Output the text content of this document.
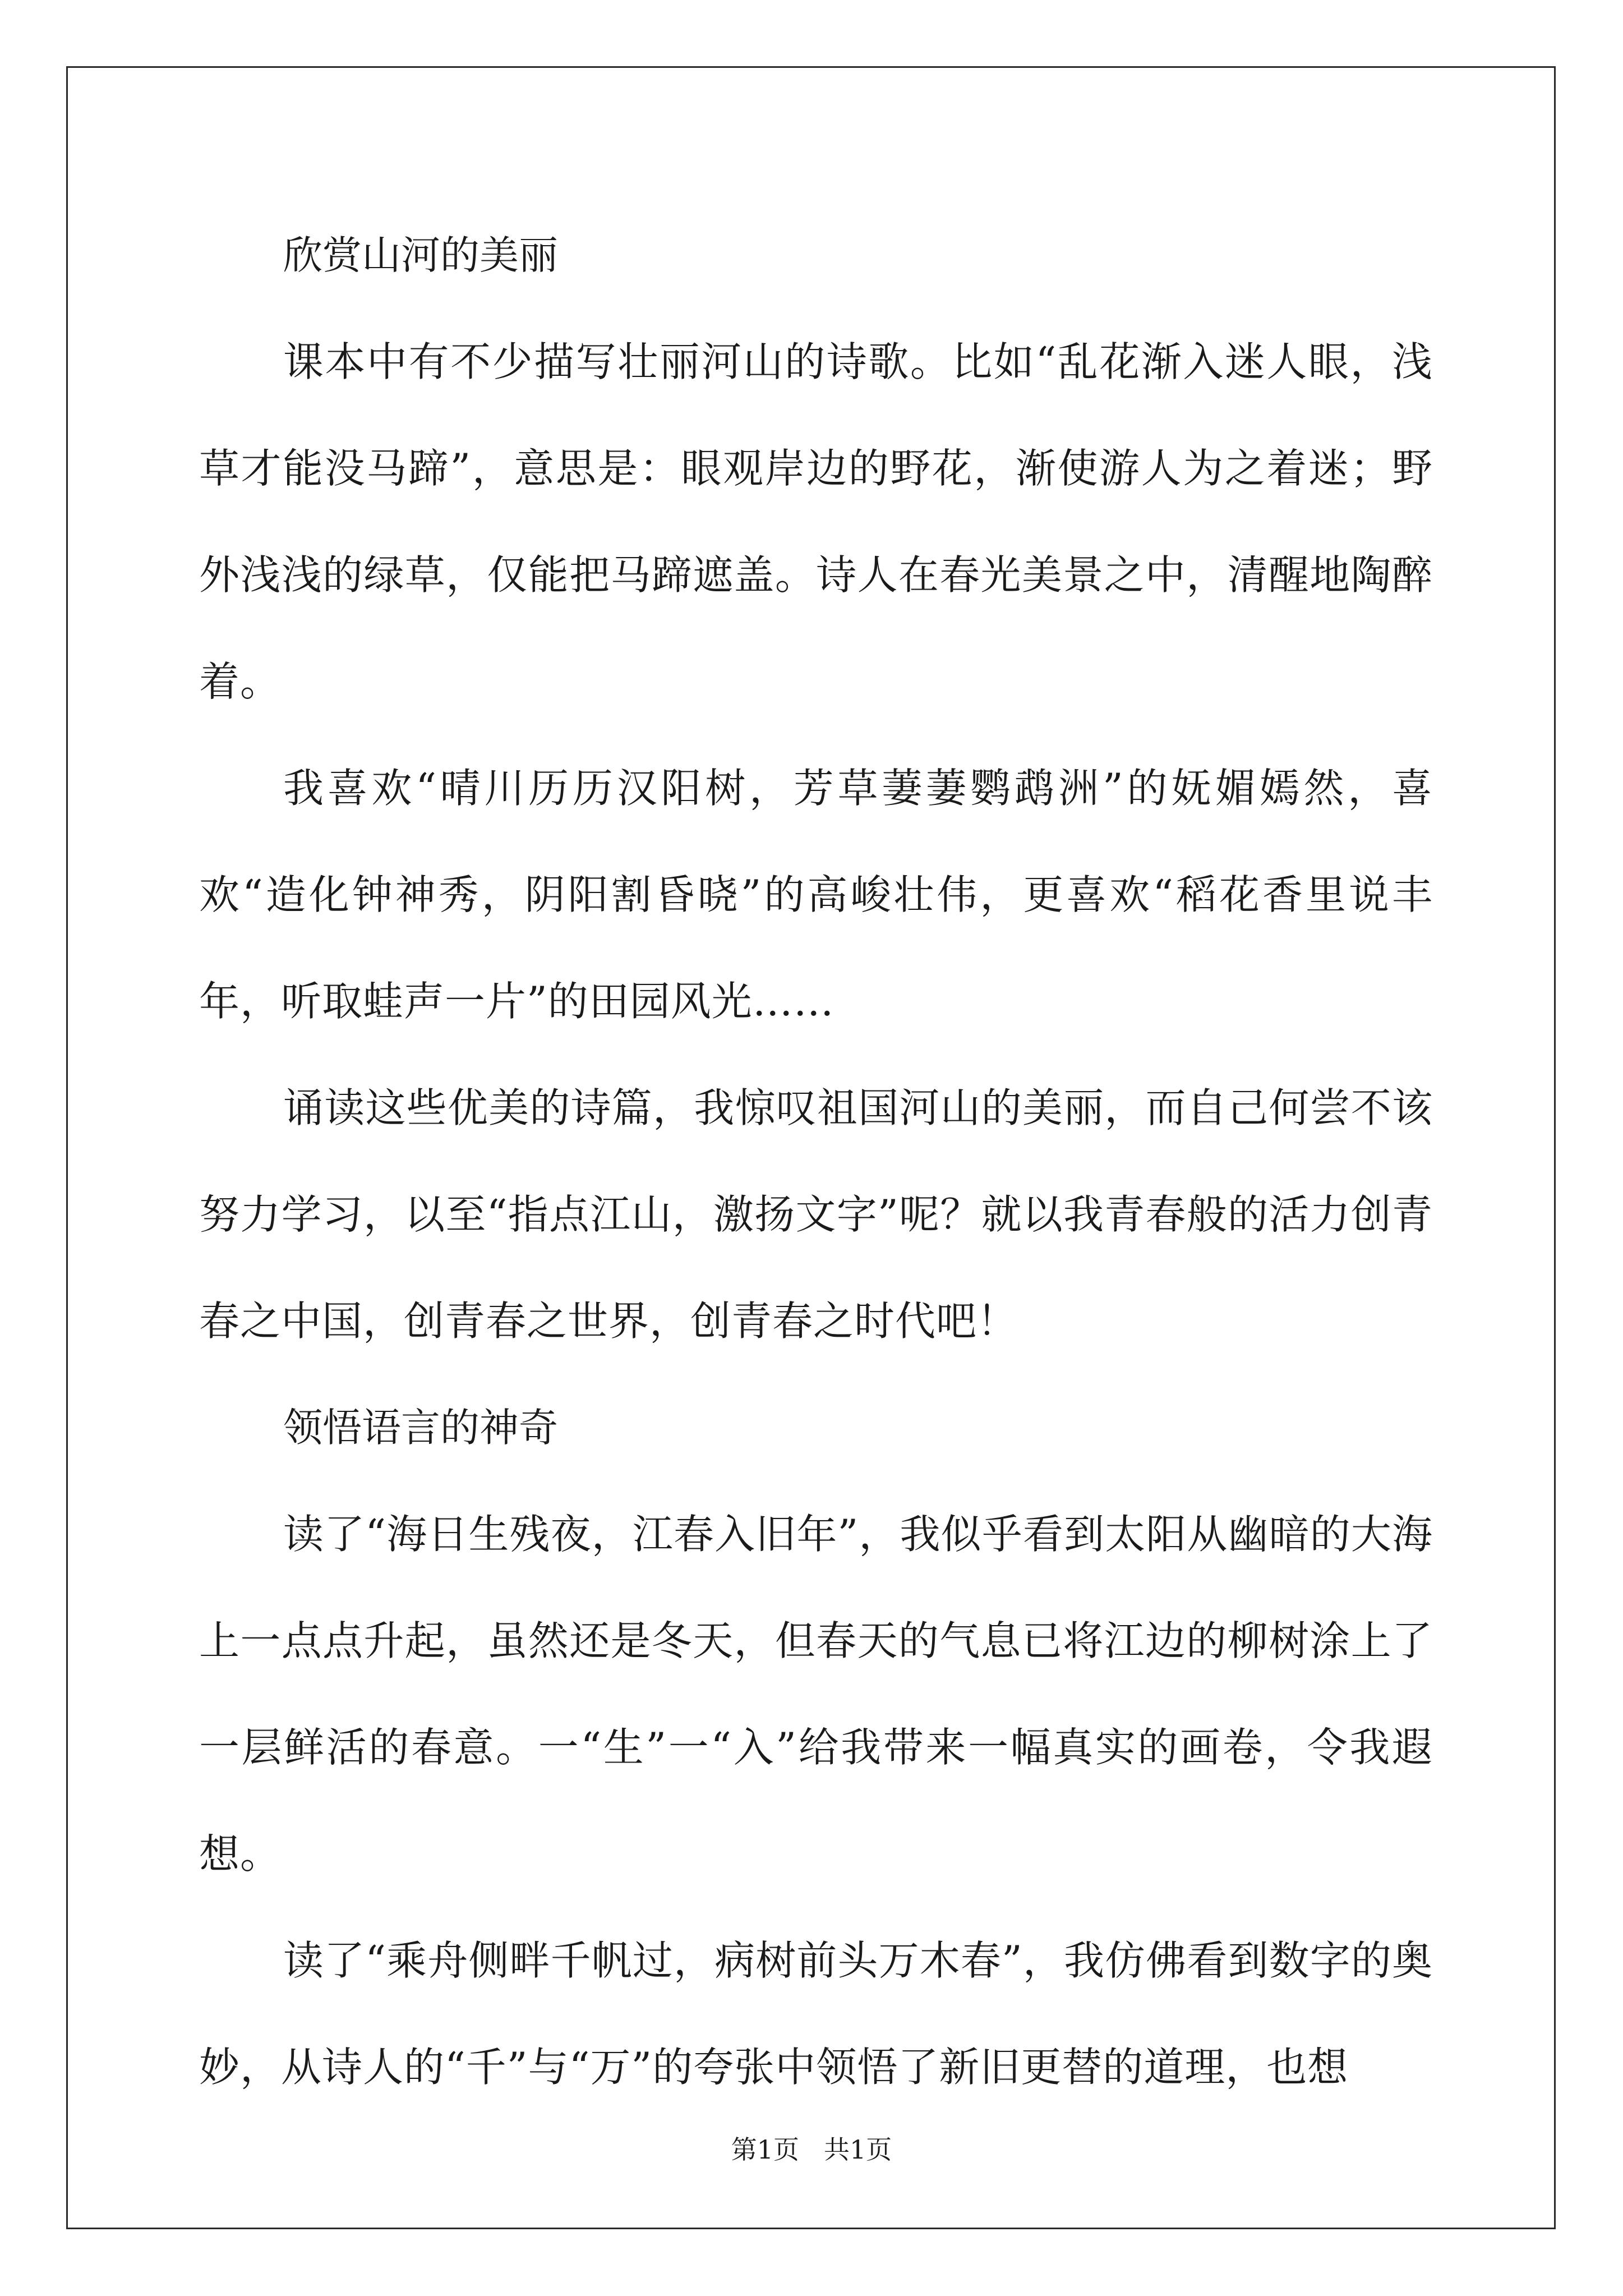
欣赏山河的美丽

课本中有不少描写壮丽河山的诗歌。比如“乱花渐入迷人眼，浅草才能没马蹄”，意思是：眼观岸边的野花，渐使游人为之着迷；野外浅浅的绿草，仅能把马蹄遮盖。诗人在春光美景之中，清醒地陶醉着。

我喜欢“晴川历历汉阳树，芳草萋萋鹦鹉洲”的妩媚嫣然，喜欢“造化钟神秀，阴阳割昏晓”的高峻壮伟，更喜欢“稻花香里说丰年，听取蛙声一片”的田园风光……

诵读这些优美的诗篇，我惊叹祖国河山的美丽，而自己何尝不该努力学习，以至“指点江山，激扬文字”呢？就以我青春般的活力创青春之中国，创青春之世界，创青春之时代吧！

领悟语言的神奇

读了“海日生残夜，江春入旧年”，我似乎看到太阳从幽暗的大海上一点点升起，虽然还是冬天，但春天的气息已将江边的柳树涂上了一层鲜活的春意。一“生”一“入”给我带来一幅真实的画卷，令我遐想。

读了“乘舟侧畔千帆过，病树前头万木春”，我仿佛看到数字的奥妙，从诗人的“千”与“万”的夸张中领悟了新旧更替的道理，也想

第1页 共1页
